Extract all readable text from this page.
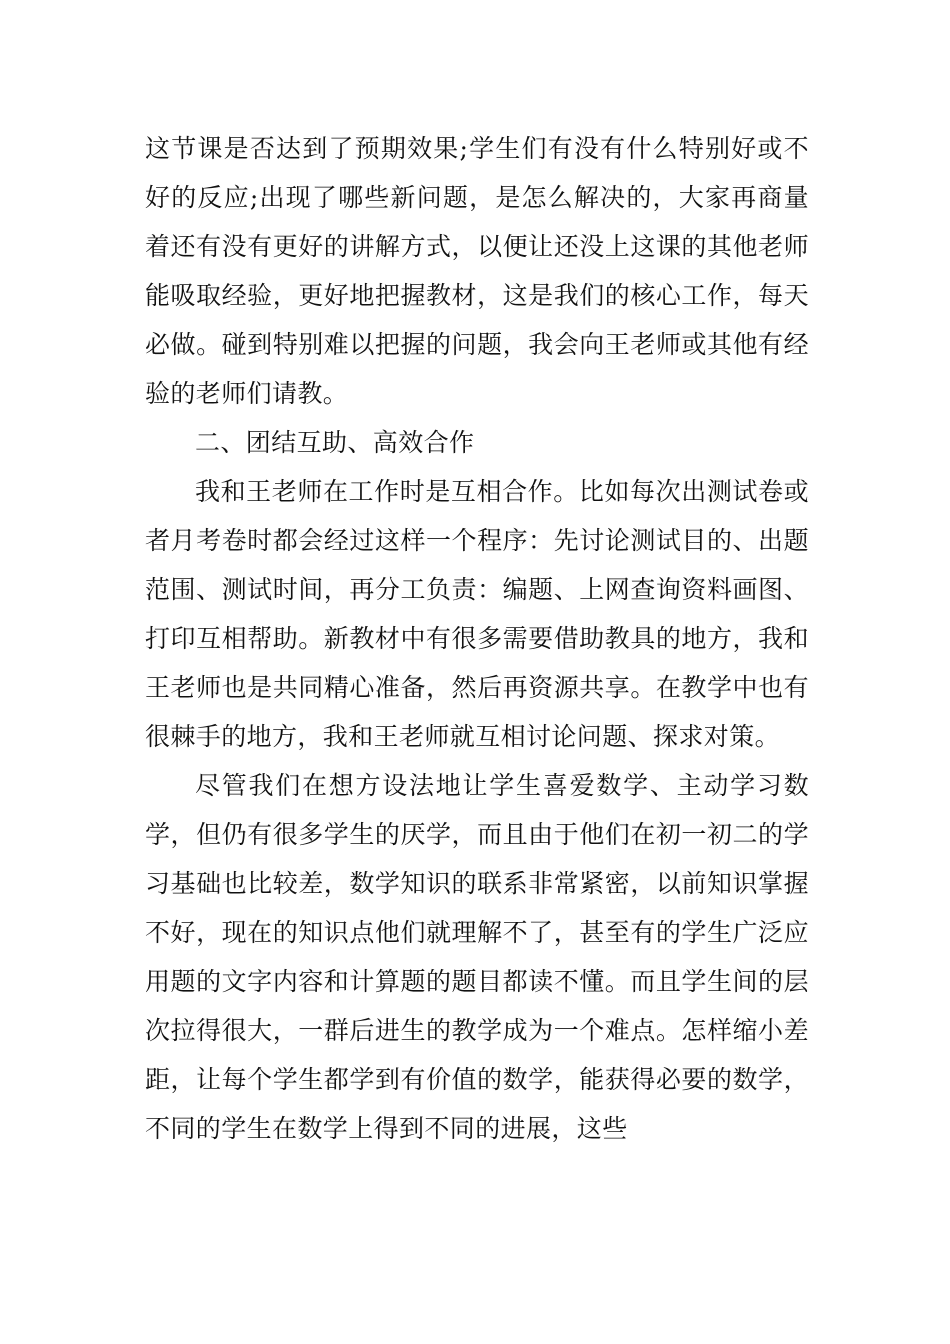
这节课是否达到了预期效果;学生们有没有什么特别好或不好的反应;出现了哪些新问题，是怎么解决的，大家再商量着还有没有更好的讲解方式，以便让还没上这课的其他老师能吸取经验，更好地把握教材，这是我们的核心工作，每天必做。碰到特别难以把握的问题，我会向王老师或其他有经验的老师们请教。

二、团结互助、高效合作

我和王老师在工作时是互相合作。比如每次出测试卷或者月考卷时都会经过这样一个程序：先讨论测试目的、出题范围、测试时间，再分工负责：编题、上网查询资料画图、打印互相帮助。新教材中有很多需要借助教具的地方，我和王老师也是共同精心准备，然后再资源共享。在教学中也有很棘手的地方，我和王老师就互相讨论问题、探求对策。

尽管我们在想方设法地让学生喜爱数学、主动学习数学，但仍有很多学生的厌学，而且由于他们在初一初二的学习基础也比较差，数学知识的联系非常紧密，以前知识掌握不好，现在的知识点他们就理解不了，甚至有的学生广泛应用题的文字内容和计算题的题目都读不懂。而且学生间的层次拉得很大，一群后进生的教学成为一个难点。怎样缩小差距，让每个学生都学到有价值的数学，能获得必要的数学，不同的学生在数学上得到不同的进展，这些
